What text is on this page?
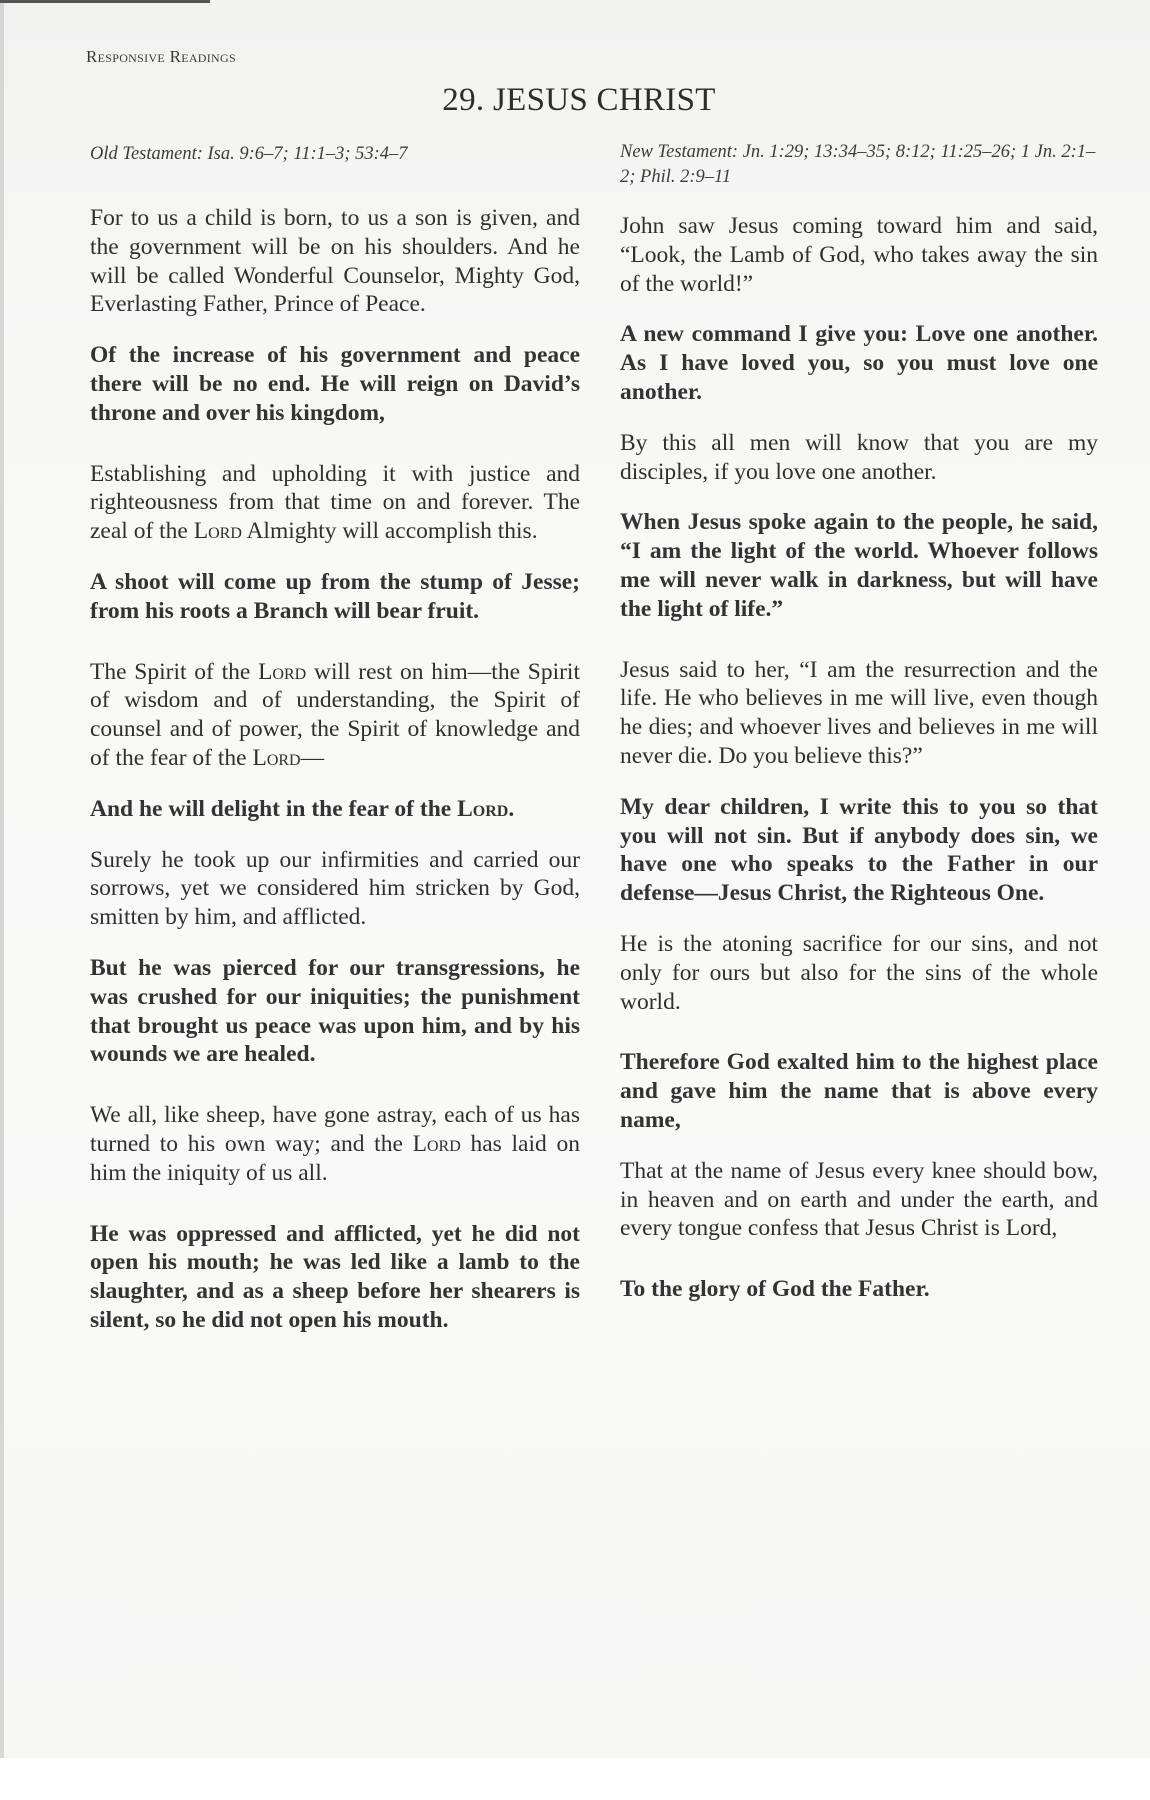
Responsive Readings
29. JESUS CHRIST
Old Testament: Isa. 9:6–7; 11:1–3; 53:4–7

For to us a child is born, to us a son is given, and the government will be on his shoulders. And he will be called Wonderful Counselor, Mighty God, Everlasting Father, Prince of Peace.

Of the increase of his government and peace there will be no end. He will reign on David’s throne and over his kingdom,

Establishing and upholding it with justice and righteousness from that time on and forever. The zeal of the Lord Almighty will accomplish this.

A shoot will come up from the stump of Jesse; from his roots a Branch will bear fruit.

The Spirit of the Lord will rest on him—the Spirit of wisdom and of understanding, the Spirit of counsel and of power, the Spirit of knowledge and of the fear of the Lord—

And he will delight in the fear of the Lord.

Surely he took up our infirmities and carried our sorrows, yet we considered him stricken by God, smitten by him, and afflicted.

But he was pierced for our transgressions, he was crushed for our iniquities; the punishment that brought us peace was upon him, and by his wounds we are healed.

We all, like sheep, have gone astray, each of us has turned to his own way; and the Lord has laid on him the iniquity of us all.

He was oppressed and afflicted, yet he did not open his mouth; he was led like a lamb to the slaughter, and as a sheep before her shearers is silent, so he did not open his mouth.

New Testament: Jn. 1:29; 13:34–35; 8:12; 11:25–26; 1 Jn. 2:1–2; Phil. 2:9–11

John saw Jesus coming toward him and said, “Look, the Lamb of God, who takes away the sin of the world!”

A new command I give you: Love one another. As I have loved you, so you must love one another.

By this all men will know that you are my disciples, if you love one another.

When Jesus spoke again to the people, he said, “I am the light of the world. Whoever follows me will never walk in darkness, but will have the light of life.”

Jesus said to her, “I am the resurrection and the life. He who believes in me will live, even though he dies; and whoever lives and believes in me will never die. Do you believe this?”

My dear children, I write this to you so that you will not sin. But if anybody does sin, we have one who speaks to the Father in our defense—Jesus Christ, the Righteous One.

He is the atoning sacrifice for our sins, and not only for ours but also for the sins of the whole world.

Therefore God exalted him to the highest place and gave him the name that is above every name,

That at the name of Jesus every knee should bow, in heaven and on earth and under the earth, and every tongue confess that Jesus Christ is Lord,

To the glory of God the Father.
